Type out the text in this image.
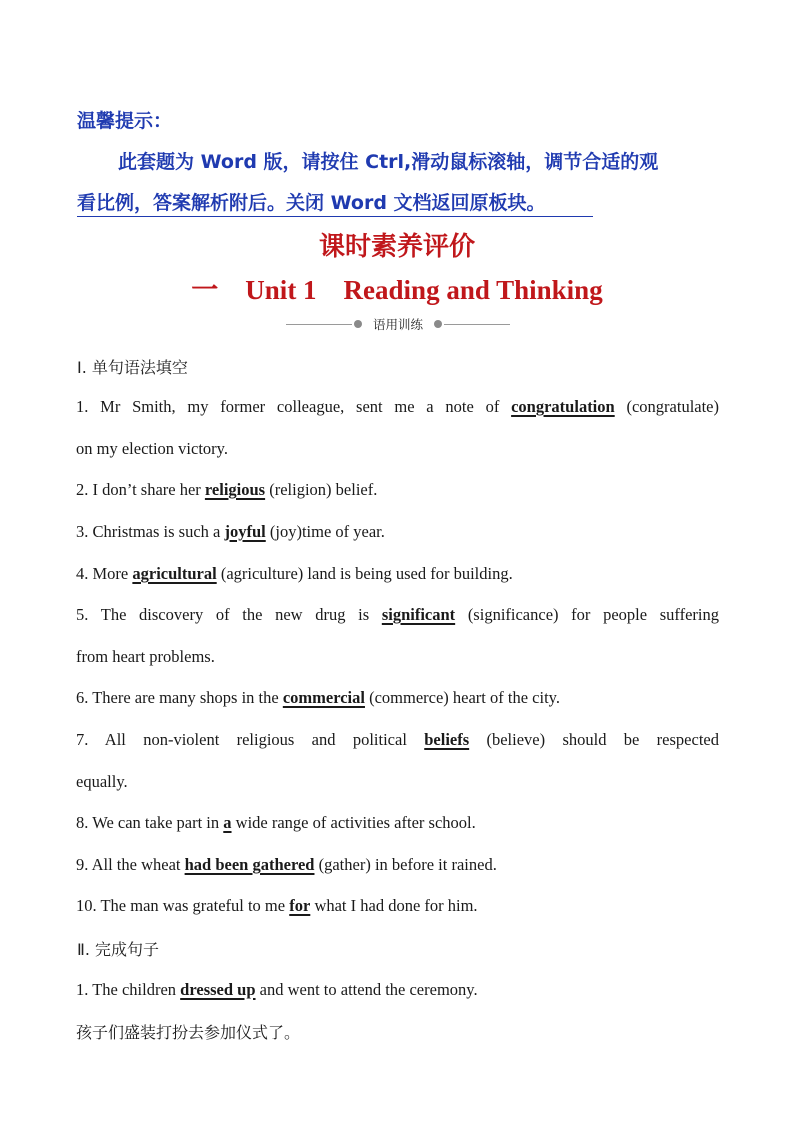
温馨提示：
此套题为 Word 版，请按住 Ctrl,滑动鼠标滚轴，调节合适的观
看比例，答案解析附后。关闭 Word 文档返回原板块。
课时素养评价
一　Unit 1　Reading and Thinking
语用训练
Ⅰ. 单句语法填空
1. Mr Smith, my former colleague, sent me a note of congratulation (congratulate)
on my election victory.
2. I don’t share her religious (religion) belief.
3. Christmas is such a joyful (joy)time of year.
4. More agricultural (agriculture) land is being used for building.
5. The discovery of the new drug is significant (significance) for people suffering
from heart problems.
6. There are many shops in the commercial (commerce) heart of the city.
7. All non-violent religious and political beliefs (believe) should be respected
equally.
8. We can take part in a wide range of activities after school.
9. All the wheat had been gathered (gather) in before it rained.
10. The man was grateful to me for what I had done for him.
Ⅱ. 完成句子
1. The children dressed up and went to attend the ceremony.
孩子们盛装打扮去参加仪式了。
